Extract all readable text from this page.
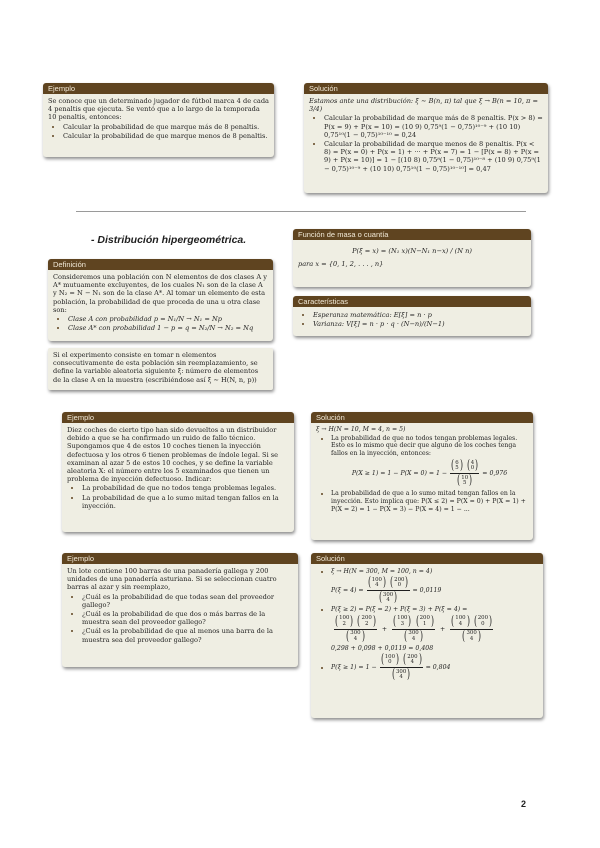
Ejemplo

Se conoce que un determinado jugador de fútbol marca 4 de cada 4 penaltis que ejecuta. Se ventó que a lo largo de la temporada 10 penaltis, entonces:

• Calcular la probabilidad de que marque más de 8 penaltis.
• Calcular la probabilidad de que marque menos de 8 penaltis.
Solución

Estamos ante una distribución: ξ ∼ B(n, π) tal que ξ → B(n = 10, π = 3/4)

• Calcular la probabilidad de marque más de 8 penaltis. P(x > 8) = P(x = 9) + P(x = 10) = (10 9) 0,75⁹(1 − 0,75)¹⁰⁻⁹ + (10 10) 0,75¹⁰(1 − 0,75)¹⁰⁻¹⁰ = 0,24
• Calcular la probabilidad de marque menos de 8 penaltis. P(x < 8) = P(x = 0) + P(x = 1) + ··· + P(x = 7) = 1 − [P(x = 8) + P(x = 9) + P(x = 10)] = 1 − [(10 8) 0,75⁸(1 − 0,75)¹⁰⁻⁸ + (10 9) 0,75⁹(1 − 0,75)¹⁰⁻⁹ + (10 10) 0,75¹⁰(1 − 0,75)¹⁰⁻¹⁰] = 0,47
- Distribución hipergeométrica.	Función de masa o cuantía

P(ξ = x) = (N₁ x)(N−N₁ n−x) / (N n)

para x = {0, 1, 2, . . . , n}

Definición

Consideremos una población con N elementos de dos clases A y A* mutuamente excluyentes, de los cuales N₁ son de la clase A y N₂ = N − N₁ son de la clase A*. Al tomar un elemento de esta población, la probabilidad de que proceda de una u otra clase son:

• Clase A con probabilidad p = N₁/N → N₁ = Np
• Clase A* con probabilidad 1 − p = q = N₂/N → N₂ = Nq
Características
• Esperanza matemática: E[ξ] = n · p
• Varianza: V[ξ] = n · p · q · (N−n)/(N−1)

Si el experimento consiste en tomar n elementos consecutivamente de esta población sin reemplazamiento, se define la variable aleatoria siguiente ξ: número de elementos de la clase A en la muestra (escribiéndose así ξ ∼ H(N, n, p))

Ejemplo

Diez coches de cierto tipo han sido devueltos a un distribuidor debido a que se ha confirmado un ruido de fallo técnico. Supongamos que 4 de estos 10 coches tienen la inyección defectuosa y los otros 6 tienen problemas de índole legal. Si se examinan al azar 5 de estos 10 coches, y se define la variable aleatoria X: el número entre los 5 examinados que tienen un problema de inyección defectuoso. Indicar:

• La probabilidad de que no todos tenga problemas legales.
• La probabilidad de que a lo sumo mitad tengan fallos en la inyección.
Solución

ξ → H(N = 10, M = 4, n = 5)

• La probabilidad de que no todos tengan problemas legales. Esto es lo mismo que decir que alguno de los coches tenga fallos en la inyección, entonces:
P(X ≥ 1) = 1 − P(X = 0) = 1 − ( 6
5 ) ( 4
0 )
( 10
5 ) = 0,976
• La probabilidad de que a lo sumo mitad tengan fallos en la inyección. Esto implica que: P(X ≤ 2) = P(X = 0) + P(X = 1) + P(X = 2) = 1 − P(X = 3) − P(X = 4) = 1 − ...
Ejemplo

Un lote contiene 100 barras de una panadería gallega y 200 unidades de una panadería asturiana. Si se seleccionan cuatro barras al azar y sin reemplazo,

• ¿Cuál es la probabilidad de que todas sean del proveedor gallego?
• ¿Cuál es la probabilidad de que dos o más barras de la muestra sean del proveedor gallego?
• ¿Cuál es la probabilidad de que al menos una barra de la muestra sea del proveedor gallego?
Solución
• ξ → H(N = 300, M = 100, n = 4)
P(ξ = 4) = ( 100
4 ) ( 200
0 )
( 300
4 ) = 0,0119
• P(ξ ≥ 2) = P(ξ = 2) + P(ξ = 3) + P(ξ = 4) =
( 100
2 ) ( 200
2 )
( 300
4 ) + ( 100
3 ) ( 200
1 )
( 300
4 ) + ( 100
4 ) ( 200
0 )
( 300
4 )
0,298 + 0,098 + 0,0119 = 0,408
• P(ξ ≥ 1) = 1 − ( 100
0 ) ( 200
4 )
( 300
4 ) = 0,804
2
